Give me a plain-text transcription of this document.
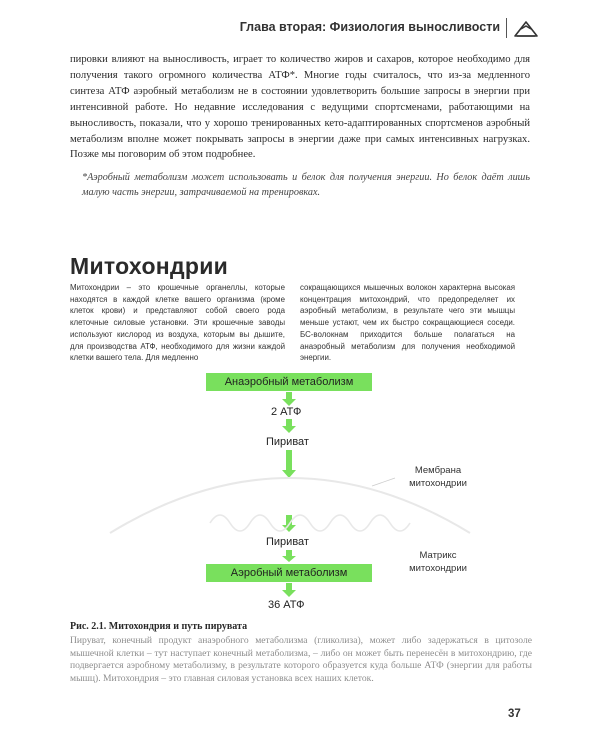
Глава вторая: Физиология выносливости

пировки влияют на выносливость, играет то количество жиров и сахаров, которое необходимо для получения такого огромного количества АТФ*. Многие годы считалось, что из-за медленного синтеза АТФ аэробный метаболизм не в состоянии удовлетворить большие запросы в энергии при интенсивной работе. Но недавние исследования с ведущими спортсменами, работающими на выносливость, показали, что у хорошо тренированных кето-адаптированных спортсменов аэробный метаболизм вполне может покрывать запросы в энергии даже при самых интенсивных нагрузках. Позже мы поговорим об этом подробнее.

*Аэробный метаболизм может использовать и белок для получения энергии. Но белок даёт лишь малую часть энергии, затрачиваемой на тренировках.
Митохондрии
Митохондрии – это крошечные органеллы, которые находятся в каждой клетке вашего организма (кроме клеток крови) и представляют собой своего рода клеточные силовые установки. Эти крошечные заводы используют кислород из воздуха, которым вы дышите, для производства АТФ, необходимого для жизни каждой клетки вашего тела. Для медленно
сокращающихся мышечных волокон характерна высокая концентрация митохондрий, что предопределяет их аэробный метаболизм, в результате чего эти мышцы меньше устают, чем их быстро сокращающиеся соседи. БС-волокнам приходится больше полагаться на анаэробный метаболизм для получения необходимой энергии.
Анаэробный метаболизм
2 АТФ
Пириват
Мембрана
митохондрии
Пириват
Матрикс
митохондрии
Аэробный метаболизм
36 АТФ
Рис. 2.1. Митохондрия и путь пирувата
Пируват, конечный продукт анаэробного метаболизма (гликолиза), может либо задержаться в цитозоле мышечной клетки – тут наступает конечный метаболизма, – либо он может быть перенесён в митохондрию, где подвергается аэробному метаболизму, в результате которого образуется куда больше АТФ (энергии для работы мышц). Митохондрия – это главная силовая установка всех наших клеток.
37
